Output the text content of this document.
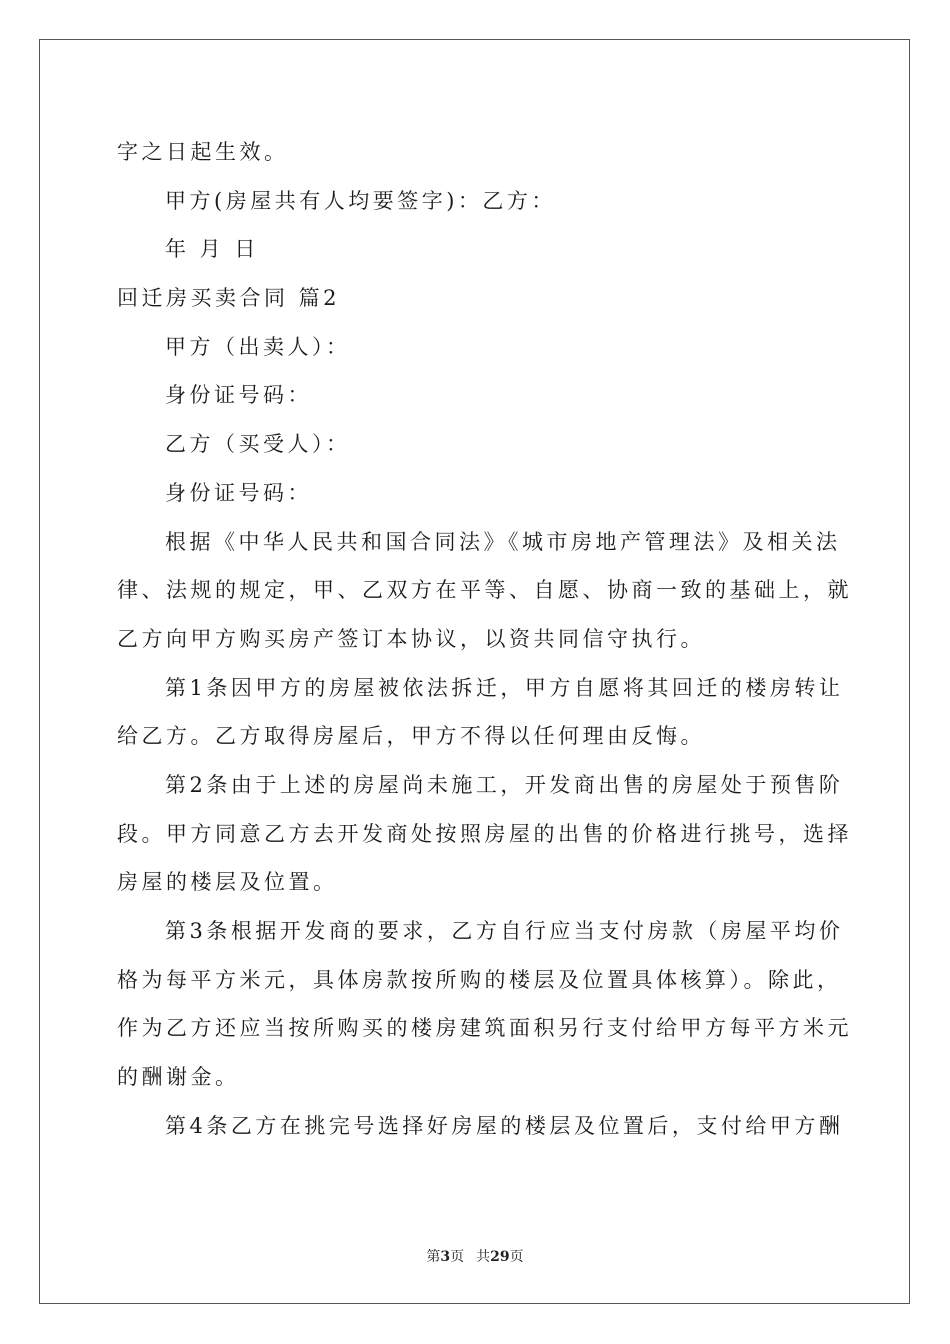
字之日起生效。
甲方(房屋共有人均要签字)：乙方：
年 月 日
回迁房买卖合同 篇2
甲方（出卖人）：
身份证号码：
乙方（买受人）：
身份证号码：
根据《中华人民共和国合同法》《城市房地产管理法》及相关法
律、法规的规定，甲、乙双方在平等、自愿、协商一致的基础上，就
乙方向甲方购买房产签订本协议，以资共同信守执行。
第1条因甲方的房屋被依法拆迁，甲方自愿将其回迁的楼房转让
给乙方。乙方取得房屋后，甲方不得以任何理由反悔。
第2条由于上述的房屋尚未施工，开发商出售的房屋处于预售阶
段。甲方同意乙方去开发商处按照房屋的出售的价格进行挑号，选择
房屋的楼层及位置。
第3条根据开发商的要求，乙方自行应当支付房款（房屋平均价
格为每平方米元，具体房款按所购的楼层及位置具体核算）。除此，
作为乙方还应当按所购买的楼房建筑面积另行支付给甲方每平方米元
的酬谢金。
第4条乙方在挑完号选择好房屋的楼层及位置后，支付给甲方酬
第3页 共29页
